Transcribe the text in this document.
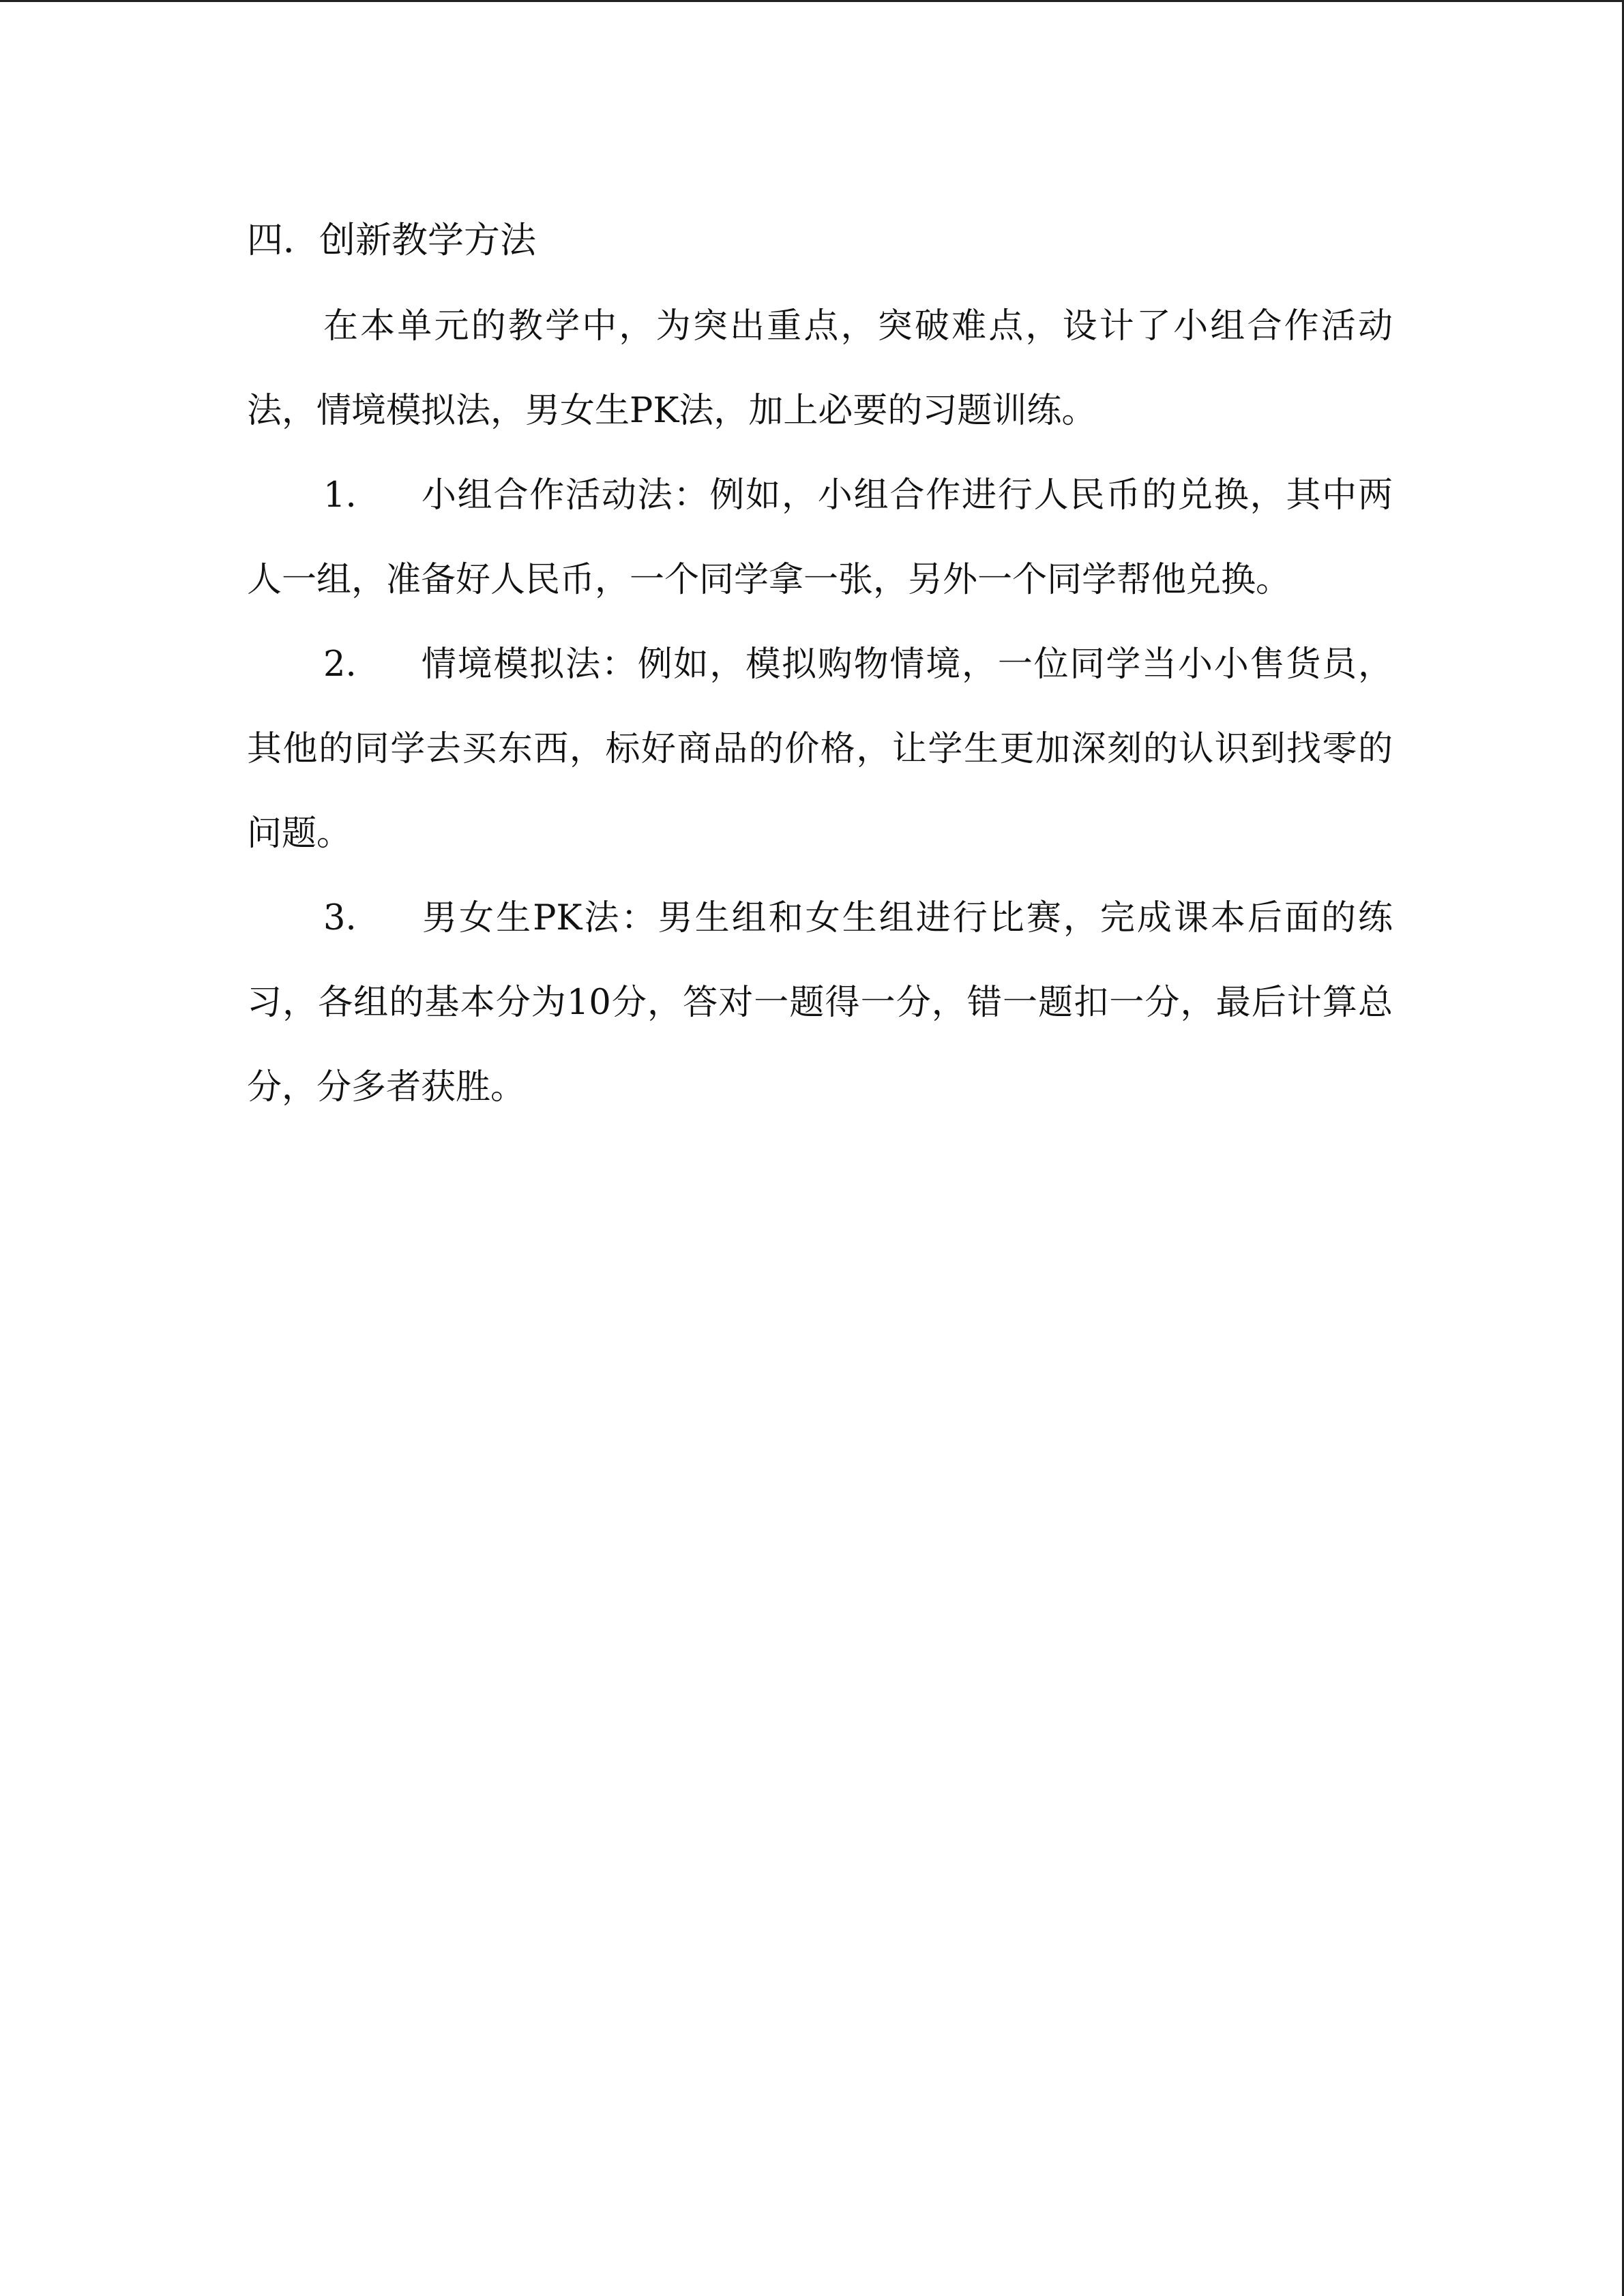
四．创新教学方法

在本单元的教学中，为突出重点，突破难点，设计了小组合作活动法，情境模拟法，男女生PK法，加上必要的习题训练。

1. 小组合作活动法：例如，小组合作进行人民币的兑换，其中两人一组，准备好人民币，一个同学拿一张，另外一个同学帮他兑换。

2. 情境模拟法：例如，模拟购物情境，一位同学当小小售货员，其他的同学去买东西，标好商品的价格，让学生更加深刻的认识到找零的问题。

3. 男女生PK法：男生组和女生组进行比赛，完成课本后面的练习，各组的基本分为10分，答对一题得一分，错一题扣一分，最后计算总分，分多者获胜。
